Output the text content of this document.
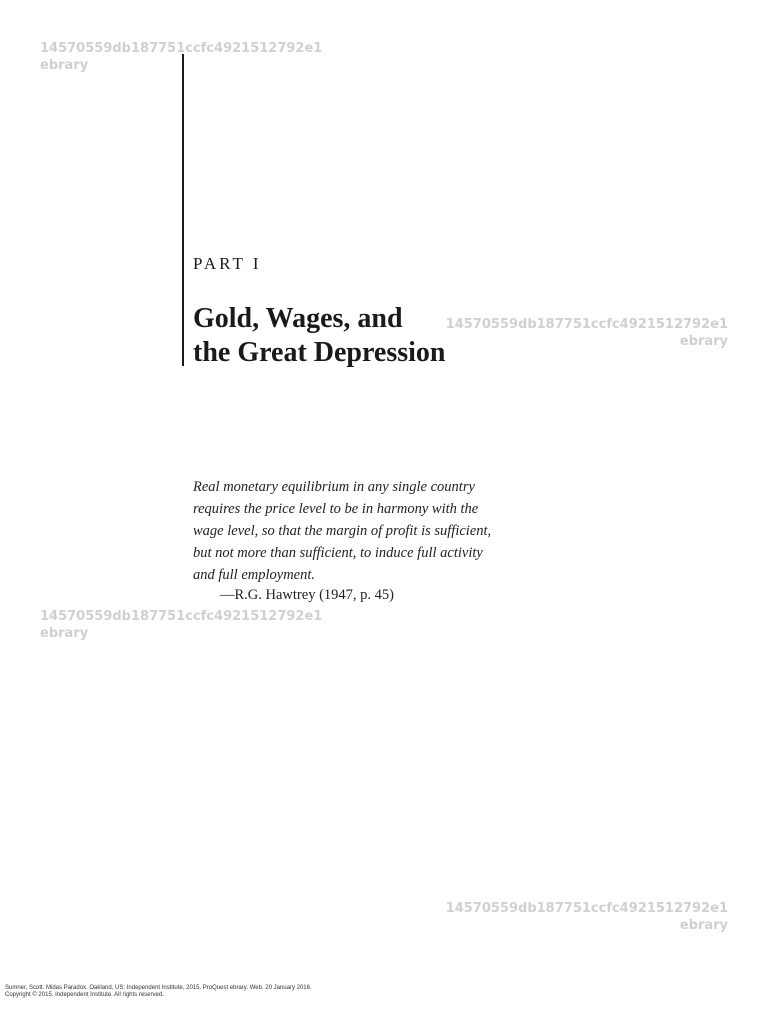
14570559db187751ccfc4921512792e1
ebrary
PART I
Gold, Wages, and
the Great Depression
14570559db187751ccfc4921512792e1
ebrary
Real monetary equilibrium in any single country
requires the price level to be in harmony with the
wage level, so that the margin of profit is sufficient,
but not more than sufficient, to induce full activity
and full employment.
—R.G. Hawtrey (1947, p. 45)
14570559db187751ccfc4921512792e1
ebrary
14570559db187751ccfc4921512792e1
ebrary
Sumner, Scott. Midas Paradox. Oakland, US: Independent Institute, 2015. ProQuest ebrary. Web. 20 January 2016.
Copyright © 2015. Independent Institute. All rights reserved.
